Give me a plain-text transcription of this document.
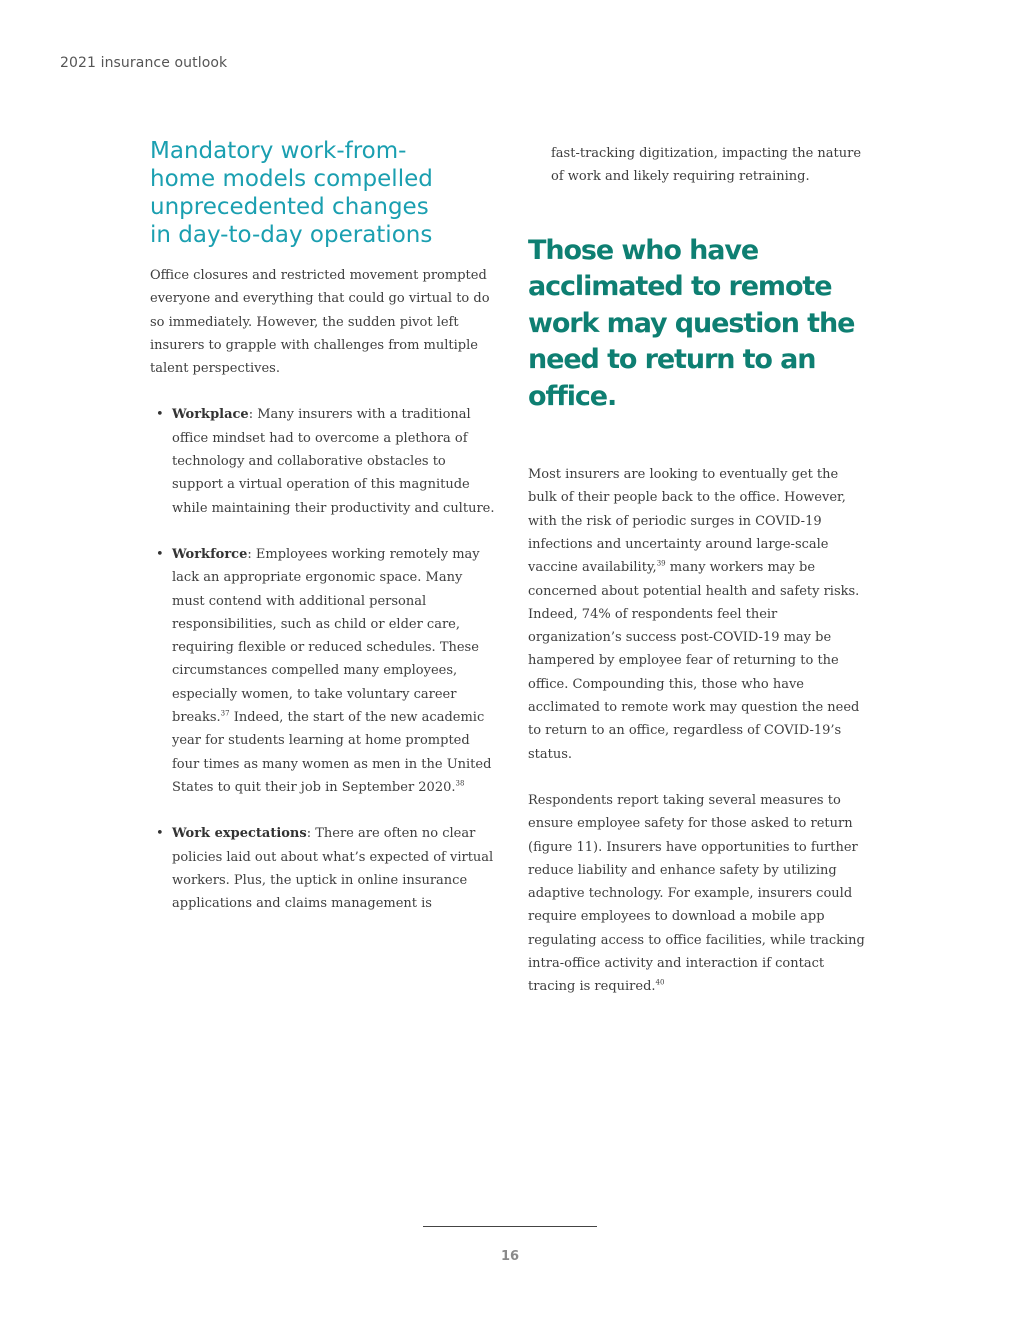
2021 insurance outlook
Mandatory work-from-home models compelled unprecedented changes in day-to-day operations

Office closures and restricted movement prompted everyone and everything that could go virtual to do so immediately. However, the sudden pivot left insurers to grapple with challenges from multiple talent perspectives.

• Workplace: Many insurers with a traditional office mindset had to overcome a plethora of technology and collaborative obstacles to support a virtual operation of this magnitude while maintaining their productivity and culture.
• Workforce: Employees working remotely may lack an appropriate ergonomic space. Many must contend with additional personal responsibilities, such as child or elder care, requiring flexible or reduced schedules. These circumstances compelled many employees, especially women, to take voluntary career breaks.$^{37}$ Indeed, the start of the new academic year for students learning at home prompted four times as many women as men in the United States to quit their job in September 2020.38
• Work expectations: There are often no clear policies laid out about what’s expected of virtual workers. Plus, the uptick in online insurance applications and claims management is

fast-tracking digitization, impacting the nature of work and likely requiring retraining.

Those who have acclimated to remote work may question the need to return to an office.

Most insurers are looking to eventually get the bulk of their people back to the office. However, with the risk of periodic surges in COVID-19 infections and uncertainty around large-scale vaccine availability,$^{39}$ many workers may be concerned about potential health and safety risks. Indeed, 74% of respondents feel their organization’s success post-COVID-19 may be hampered by employee fear of returning to the office. Compounding this, those who have acclimated to remote work may question the need to return to an office, regardless of COVID-19’s status.

Respondents report taking several measures to ensure employee safety for those asked to return (figure 11). Insurers have opportunities to further reduce liability and enhance safety by utilizing adaptive technology. For example, insurers could require employees to download a mobile app regulating access to office facilities, while tracking intra-office activity and interaction if contact tracing is required.$^{40}$

16
